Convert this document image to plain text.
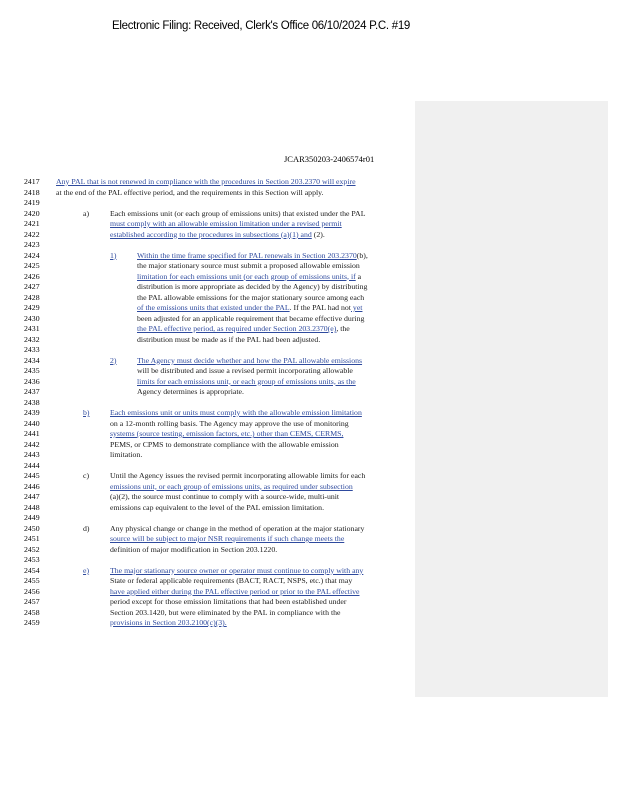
Electronic Filing: Received, Clerk's Office 06/10/2024 P.C. #19
JCAR350203-2406574r01
2417	Any PAL that is not renewed in compliance with the procedures in Section 203.2370 will expire
2418	at the end of the PAL effective period, and the requirements in this Section will apply.
2419
2420	a)	Each emissions unit (or each group of emissions units) that existed under the PAL
2421	must comply with an allowable emission limitation under a revised permit
2422	established according to the procedures in subsections (a)(1) and (2).
2423
2424	1)	Within the time frame specified for PAL renewals in Section 203.2370(b),
2425	the major stationary source must submit a proposed allowable emission
2426	limitation for each emissions unit (or each group of emissions units, if a
2427	distribution is more appropriate as decided by the Agency) by distributing
2428	the PAL allowable emissions for the major stationary source among each
2429	of the emissions units that existed under the PAL. If the PAL had not yet
2430	been adjusted for an applicable requirement that became effective during
2431	the PAL effective period, as required under Section 203.2370(e), the
2432	distribution must be made as if the PAL had been adjusted.
2433
2434	2)	The Agency must decide whether and how the PAL allowable emissions
2435	will be distributed and issue a revised permit incorporating allowable
2436	limits for each emissions unit, or each group of emissions units, as the
2437	Agency determines is appropriate.
2438
2439	b)	Each emissions unit or units must comply with the allowable emission limitation
2440	on a 12-month rolling basis. The Agency may approve the use of monitoring
2441	systems (source testing, emission factors, etc.) other than CEMS, CERMS,
2442	PEMS, or CPMS to demonstrate compliance with the allowable emission
2443	limitation.
2444
2445	c)	Until the Agency issues the revised permit incorporating allowable limits for each
2446	emissions unit, or each group of emissions units, as required under subsection
2447	(a)(2), the source must continue to comply with a source-wide, multi-unit
2448	emissions cap equivalent to the level of the PAL emission limitation.
2449
2450	d)	Any physical change or change in the method of operation at the major stationary
2451	source will be subject to major NSR requirements if such change meets the
2452	definition of major modification in Section 203.1220.
2453
2454	e)	The major stationary source owner or operator must continue to comply with any
2455	State or federal applicable requirements (BACT, RACT, NSPS, etc.) that may
2456	have applied either during the PAL effective period or prior to the PAL effective
2457	period except for those emission limitations that had been established under
2458	Section 203.1420, but were eliminated by the PAL in compliance with the
2459	provisions in Section 203.2100(c)(3).
